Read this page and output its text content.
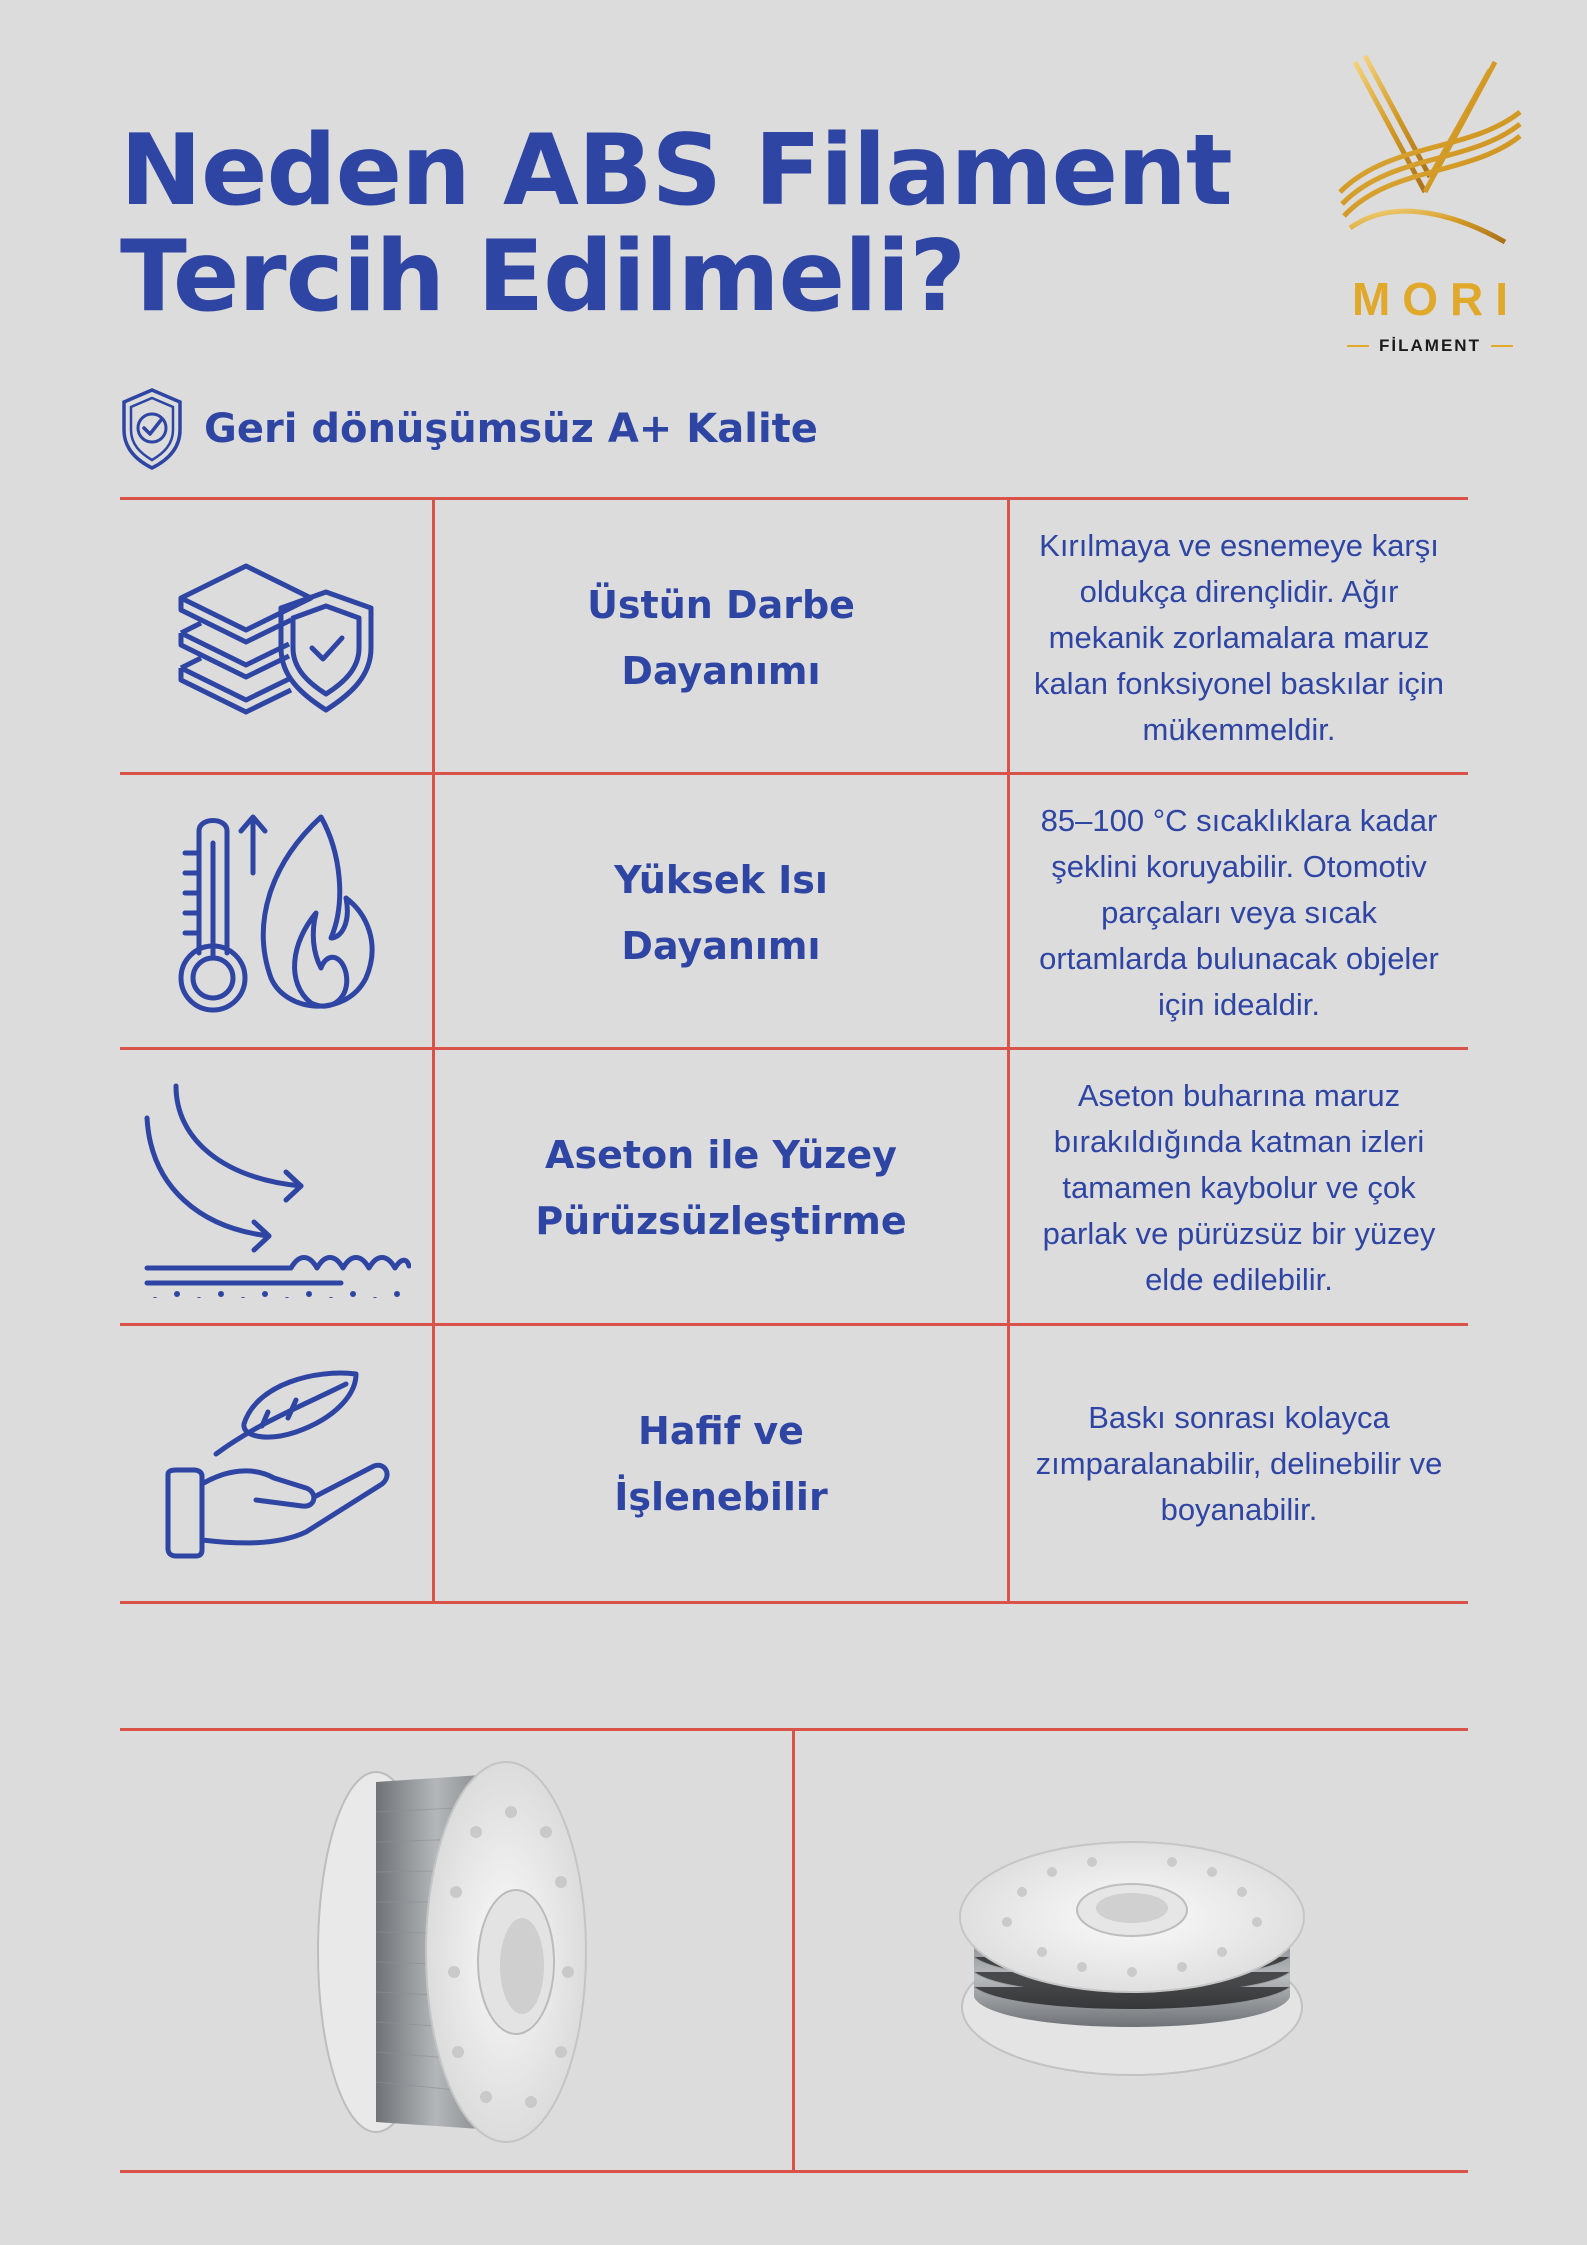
Neden ABS Filament
Tercih Edilmeli?	MORI
FİLAMENT
Geri dönüşümsüz A+ Kalite
Üstün Darbe
Dayanımı
Kırılmaya ve esnemeye karşı oldukça dirençlidir. Ağır mekanik zorlamalara maruz kalan fonksiyonel baskılar için mükemmeldir.
Yüksek Isı
Dayanımı
85–100 °C sıcaklıklara kadar şeklini koruyabilir. Otomotiv parçaları veya sıcak ortamlarda bulunacak objeler için idealdir.
Aseton ile Yüzey
Pürüzsüzleştirme
Aseton buharına maruz bırakıldığında katman izleri tamamen kaybolur ve çok parlak ve pürüzsüz bir yüzey elde edilebilir.
Hafif ve
İşlenebilir
Baskı sonrası kolayca zımparalanabilir, delinebilir ve boyanabilir.
